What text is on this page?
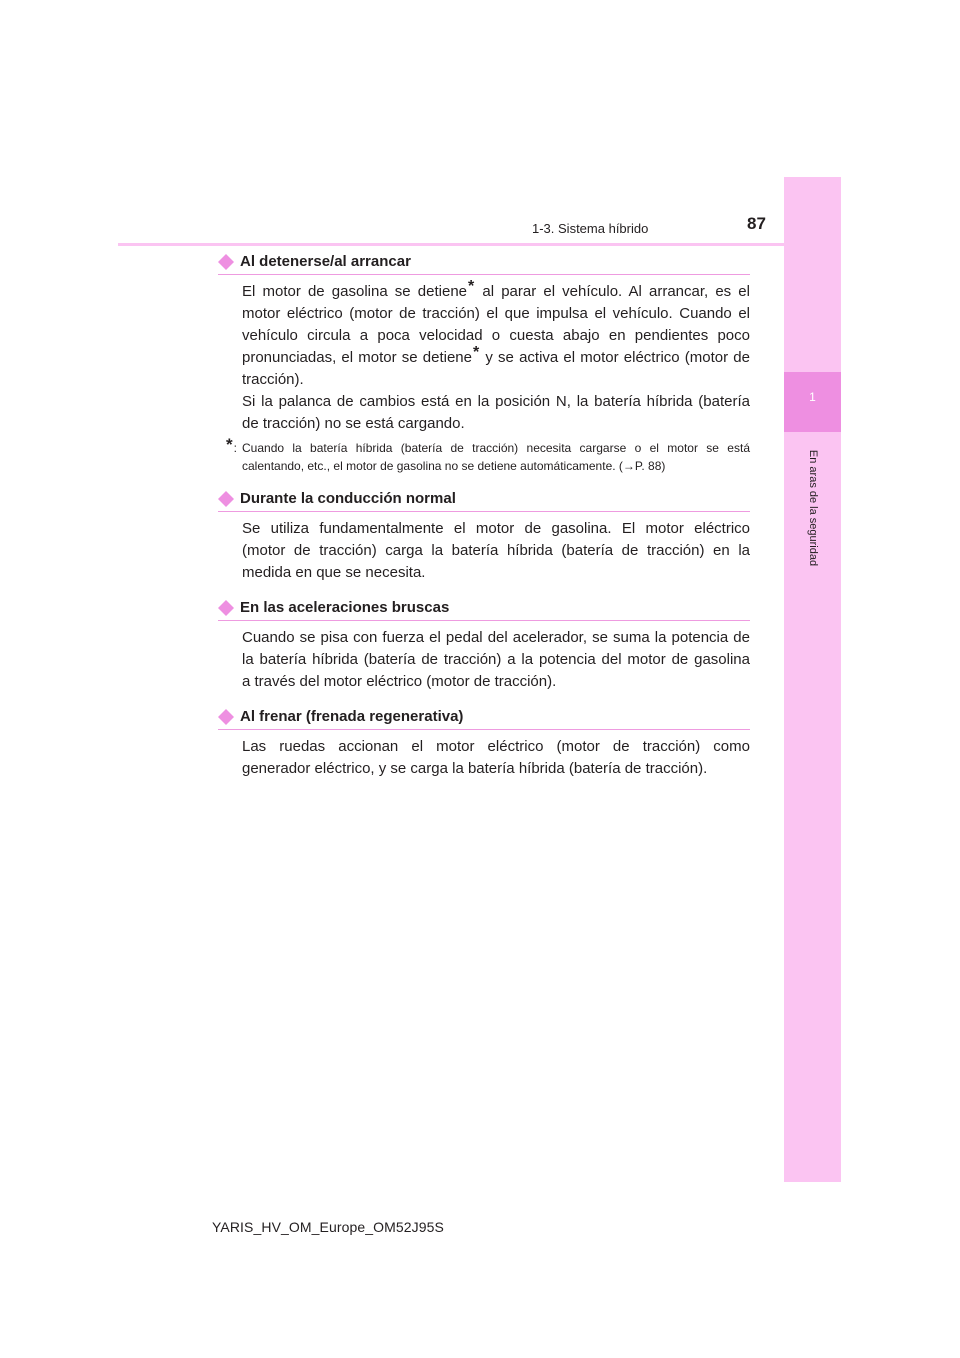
1
En aras de la seguridad
1-3. Sistema híbrido	87
Al detenerse/al arrancar
El motor de gasolina se detiene* al parar el vehículo. Al arrancar, es el
motor eléctrico (motor de tracción) el que impulsa el vehículo. Cuando el
vehículo circula a poca velocidad o cuesta abajo en pendientes poco
pronunciadas, el motor se detiene* y se activa el motor eléctrico (motor de
tracción).
Si la palanca de cambios está en la posición N, la batería híbrida (batería
de tracción) no se está cargando.
*: Cuando la batería híbrida (batería de tracción) necesita cargarse o el motor se está
calentando, etc., el motor de gasolina no se detiene automáticamente. (→P. 88)
Durante la conducción normal
Se utiliza fundamentalmente el motor de gasolina. El motor eléctrico
(motor de tracción) carga la batería híbrida (batería de tracción) en la
medida en que se necesita.
En las aceleraciones bruscas
Cuando se pisa con fuerza el pedal del acelerador, se suma la potencia de
la batería híbrida (batería de tracción) a la potencia del motor de gasolina
a través del motor eléctrico (motor de tracción).
Al frenar (frenada regenerativa)
Las ruedas accionan el motor eléctrico (motor de tracción) como
generador eléctrico, y se carga la batería híbrida (batería de tracción).
YARIS_HV_OM_Europe_OM52J95S
